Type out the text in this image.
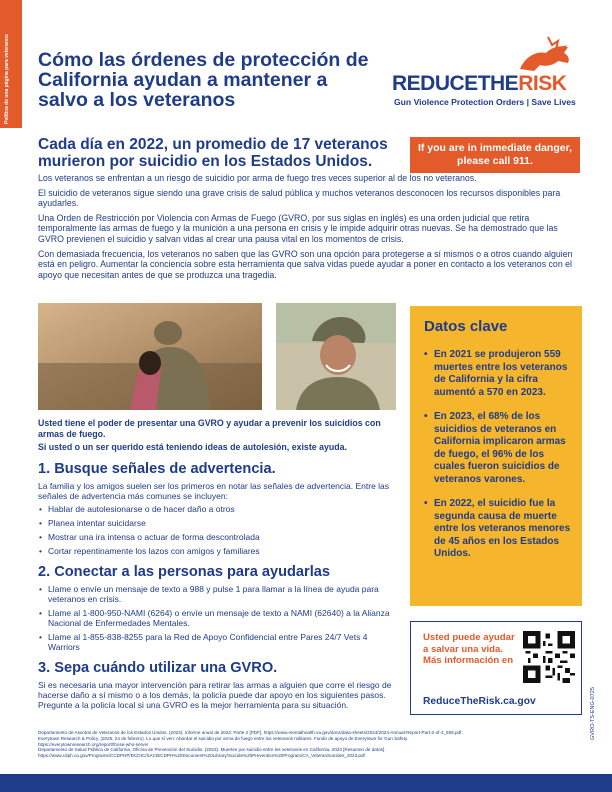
Política de una página para veteranos Cómo las órdenes de protección de California ayudan a mantener a salvo a los veteranos
REDUCETHERISK
Gun Violence Protection Orders | Save Lives
Cada día en 2022, un promedio de 17 veteranos murieron por suicidio en los Estados Unidos.
If you are in immediate danger, please call 911.

Los veteranos se enfrentan a un riesgo de suicidio por arma de fuego tres veces superior al de los no veteranos.

El suicidio de veteranos sigue siendo una grave crisis de salud pública y muchos veteranos desconocen los recursos disponibles para ayudarles.

Una Orden de Restricción por Violencia con Armas de Fuego (GVRO, por sus siglas en inglés) es una orden judicial que retira temporalmente las armas de fuego y la munición a una persona en crisis y le impide adquirir otras nuevas. Se ha demostrado que las GVRO previenen el suicidio y salvan vidas al crear una pausa vital en los momentos de crisis.

Con demasiada frecuencia, los veteranos no saben que las GVRO son una opción para protegerse a sí mismos o a otros cuando alguien está en peligro. Aumentar la conciencia sobre esta herramienta que salva vidas puede ayudar a poner en contacto a los veteranos con el apoyo que necesitan antes de que se produzca una tragedia.

Datos clave
• En 2021 se produjeron 559 muertes entre los veteranos de California y la cifra aumentó a 570 en 2023.
• En 2023, el 68% de los suicidios de veteranos en California implicaron armas de fuego, el 96% de los cuales fueron suicidios de veteranos varones.
• En 2022, el suicidio fue la segunda causa de muerte entre los veteranos menores de 45 años en los Estados Unidos.
Usted puede ayudar a salvar una vida. Más información en
ReduceTheRisk.ca.gov
Usted tiene el poder de presentar una GVRO y ayudar a prevenir los suicidios con armas de fuego.
Si usted o un ser querido está teniendo ideas de autolesión, existe ayuda.
1. Busque señales de advertencia.
La familia y los amigos suelen ser los primeros en notar las señales de advertencia. Entre las señales de advertencia más comunes se incluyen:
• Hablar de autolesionarse o de hacer daño a otros
• Planea intentar suicidarse
• Mostrar una ira intensa o actuar de forma descontrolada
• Cortar repentinamente los lazos con amigos y familiares
2. Conectar a las personas para ayudarlas
• Llame o envíe un mensaje de texto a 988 y pulse 1 para llamar a la línea de ayuda para veteranos en crisis.
• Llame al 1-800-950-NAMI (6264) o envíe un mensaje de texto a NAMI (62640) a la Alianza Nacional de Enfermedades Mentales.
• Llame al 1-855-838-8255 para la Red de Apoyo Confidencial entre Pares 24/7 Vets 4 Warriors
3. Sepa cuándo utilizar una GVRO.
Si es necesaria una mayor intervención para retirar las armas a alguien que corre el riesgo de hacerse daño a sí mismo o a los demás, la policía puede dar apoyo en los siguientes pasos. Pregunte a la policía local si una GVRO es la mejor herramienta para su situación.
Departamento de Asuntos de Veteranos de los Estados Unidos. (2024). Informe anual de 2024: Parte 2 [PDF]. https://www.mentalhealth.va.gov/docs/data-sheets/2024/2024-Annual-Report-Part-2-of-2_508.pdf
Everytown Research & Policy. (2025, 24 de febrero). Lo que sí ven: Abordar el suicidio por arma de fuego entre los veteranos militares. Fondo de apoyo de Everytown for Gun Safety.
https://everytownresearch.org/report/those-who-serve/
Departamento de Salud Pública de California, Oficina de Prevención del Suicidio. (2023). Muertes por suicidio entre los veteranos en California, 2023 [Resumen de datos].
https://www.cdph.ca.gov/Programs/CCDPHP/DCDIC/SACB/CDPH%20Document%20Library/Suicide%20Prevention%20Program/CA_VeteranSuicides_2023.pdf
GVRO-TS-ENG-0725
